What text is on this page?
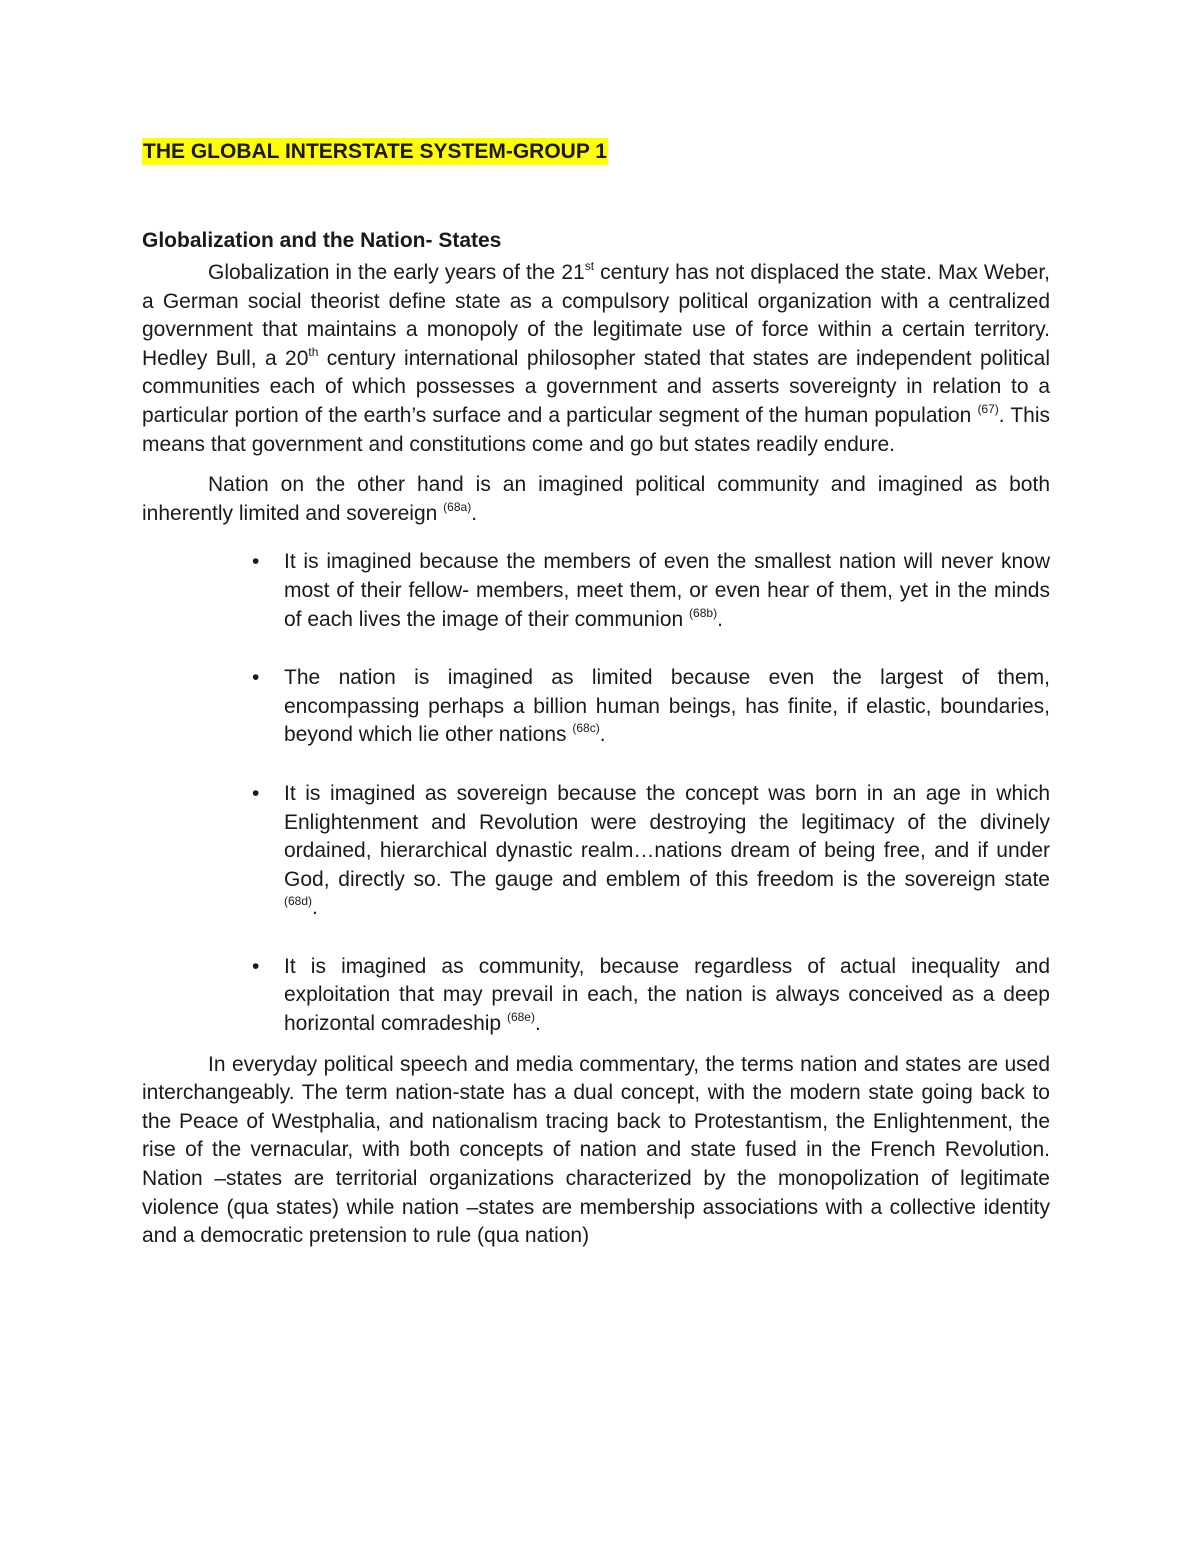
THE GLOBAL INTERSTATE SYSTEM-GROUP 1
Globalization and the Nation- States

Globalization in the early years of the 21st century has not displaced the state. Max Weber, a German social theorist define state as a compulsory political organization with a centralized government that maintains a monopoly of the legitimate use of force within a certain territory. Hedley Bull, a 20th century international philosopher stated that states are independent political communities each of which possesses a government and asserts sovereignty in relation to a particular portion of the earth’s surface and a particular segment of the human population $^{(67)}$. This means that government and constitutions come and go but states readily endure.

Nation on the other hand is an imagined political community and imagined as both inherently limited and sovereign $^{(68a)}$.

• It is imagined because the members of even the smallest nation will never know most of their fellow- members, meet them, or even hear of them, yet in the minds of each lives the image of their communion $^{(68b)}$.
• The nation is imagined as limited because even the largest of them, encompassing perhaps a billion human beings, has finite, if elastic, boundaries, beyond which lie other nations $^{(68c)}$.
• It is imagined as sovereign because the concept was born in an age in which Enlightenment and Revolution were destroying the legitimacy of the divinely ordained, hierarchical dynastic realm…nations dream of being free, and if under God, directly so. The gauge and emblem of this freedom is the sovereign state $^{(68d)}$.
• It is imagined as community, because regardless of actual inequality and exploitation that may prevail in each, the nation is always conceived as a deep horizontal comradeship $^{(68e)}$.

In everyday political speech and media commentary, the terms nation and states are used interchangeably. The term nation-state has a dual concept, with the modern state going back to the Peace of Westphalia, and nationalism tracing back to Protestantism, the Enlightenment, the rise of the vernacular, with both concepts of nation and state fused in the French Revolution. Nation –states are territorial organizations characterized by the monopolization of legitimate violence (qua states) while nation –states are membership associations with a collective identity and a democratic pretension to rule (qua nation)
